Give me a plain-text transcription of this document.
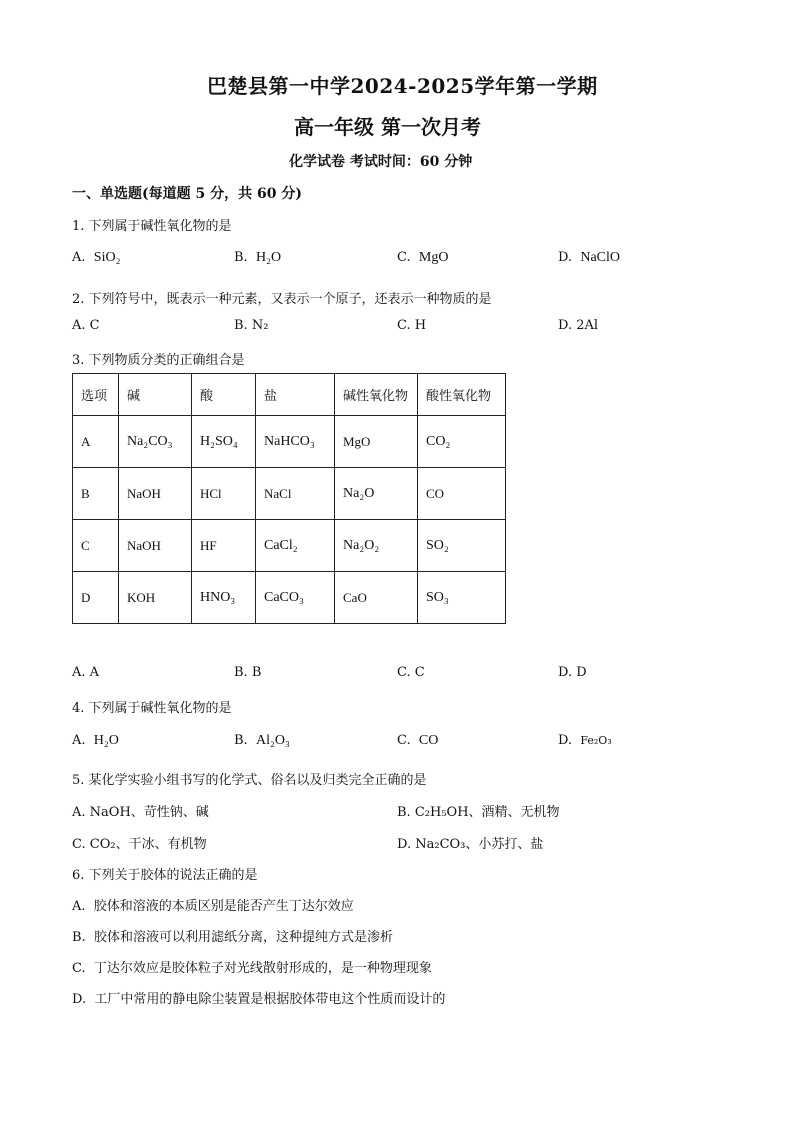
巴楚县第一中学2024-2025学年第一学期
高一年级 第一次月考
化学试卷 考试时间：60 分钟
一、单选题(每道题 5 分，共 60 分)
1. 下列属于碱性氧化物的是
A. SiO₂	B. H₂O	C. MgO	D. NaClO
2. 下列符号中，既表示一种元素，又表示一个原子，还表示一种物质的是
A. C	B. N₂	C. H	D. 2Al
3. 下列物质分类的正确组合是
选项	碱	酸	盐	碱性氧化物	酸性氧化物
A	Na₂CO₃	H₂SO₄	NaHCO₃	MgO	CO₂
B	NaOH	HCl	NaCl	Na₂O	CO
C	NaOH	HF	CaCl₂	Na₂O₂	SO₂
D	KOH	HNO₃	CaCO₃	CaO	SO₃
A. A	B. B	C. C	D. D
4. 下列属于碱性氧化物的是
A. H₂O	B. Al₂O₃	C. CO	D. Fe₂O₃
5. 某化学实验小组书写的化学式、俗名以及归类完全正确的是
A. NaOH、苛性钠、碱	B. C₂H₅OH、酒精、无机物
C. CO₂、干冰、有机物	D. Na₂CO₃、小苏打、盐
6. 下列关于胶体的说法正确的是
A. 胶体和溶液的本质区别是能否产生丁达尔效应
B. 胶体和溶液可以利用滤纸分离，这种提纯方式是渗析
C. 丁达尔效应是胶体粒子对光线散射形成的，是一种物理现象
D. 工厂中常用的静电除尘装置是根据胶体带电这个性质而设计的
